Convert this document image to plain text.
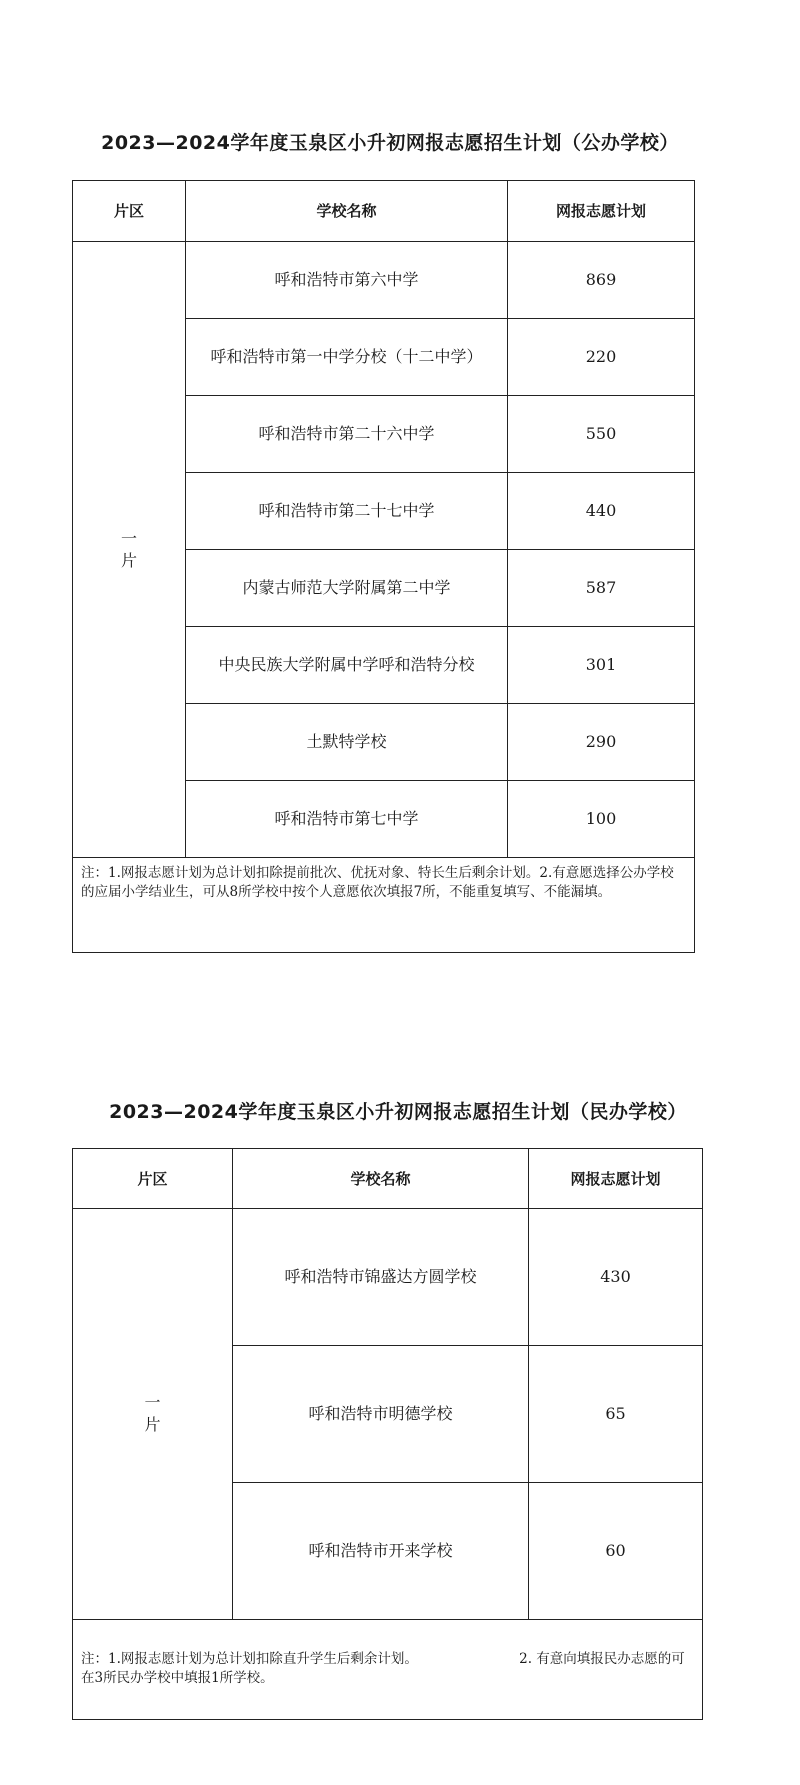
2023—2024学年度玉泉区小升初网报志愿招生计划（公办学校）
片区	学校名称	网报志愿计划

一
片	呼和浩特市第六中学	869
	呼和浩特市第一中学分校（十二中学）	220
	呼和浩特市第二十六中学	550
	呼和浩特市第二十七中学	440
	内蒙古师范大学附属第二中学	587
	中央民族大学附属中学呼和浩特分校	301
	土默特学校	290
	呼和浩特市第七中学	100
注：1.网报志愿计划为总计划扣除提前批次、优抚对象、特长生后剩余计划。2.有意愿选择公办学校的应届小学结业生，可从8所学校中按个人意愿依次填报7所，不能重复填写、不能漏填。		
2023—2024学年度玉泉区小升初网报志愿招生计划（民办学校）
片区	学校名称	网报志愿计划

一
片	呼和浩特市锦盛达方圆学校	430
	呼和浩特市明德学校	65
	呼和浩特市开来学校	60
注：1.网报志愿计划为总计划扣除直升学生后剩余计划。　　　　　　　　2. 有意向填报民办志愿的可在3所民办学校中填报1所学校。		
